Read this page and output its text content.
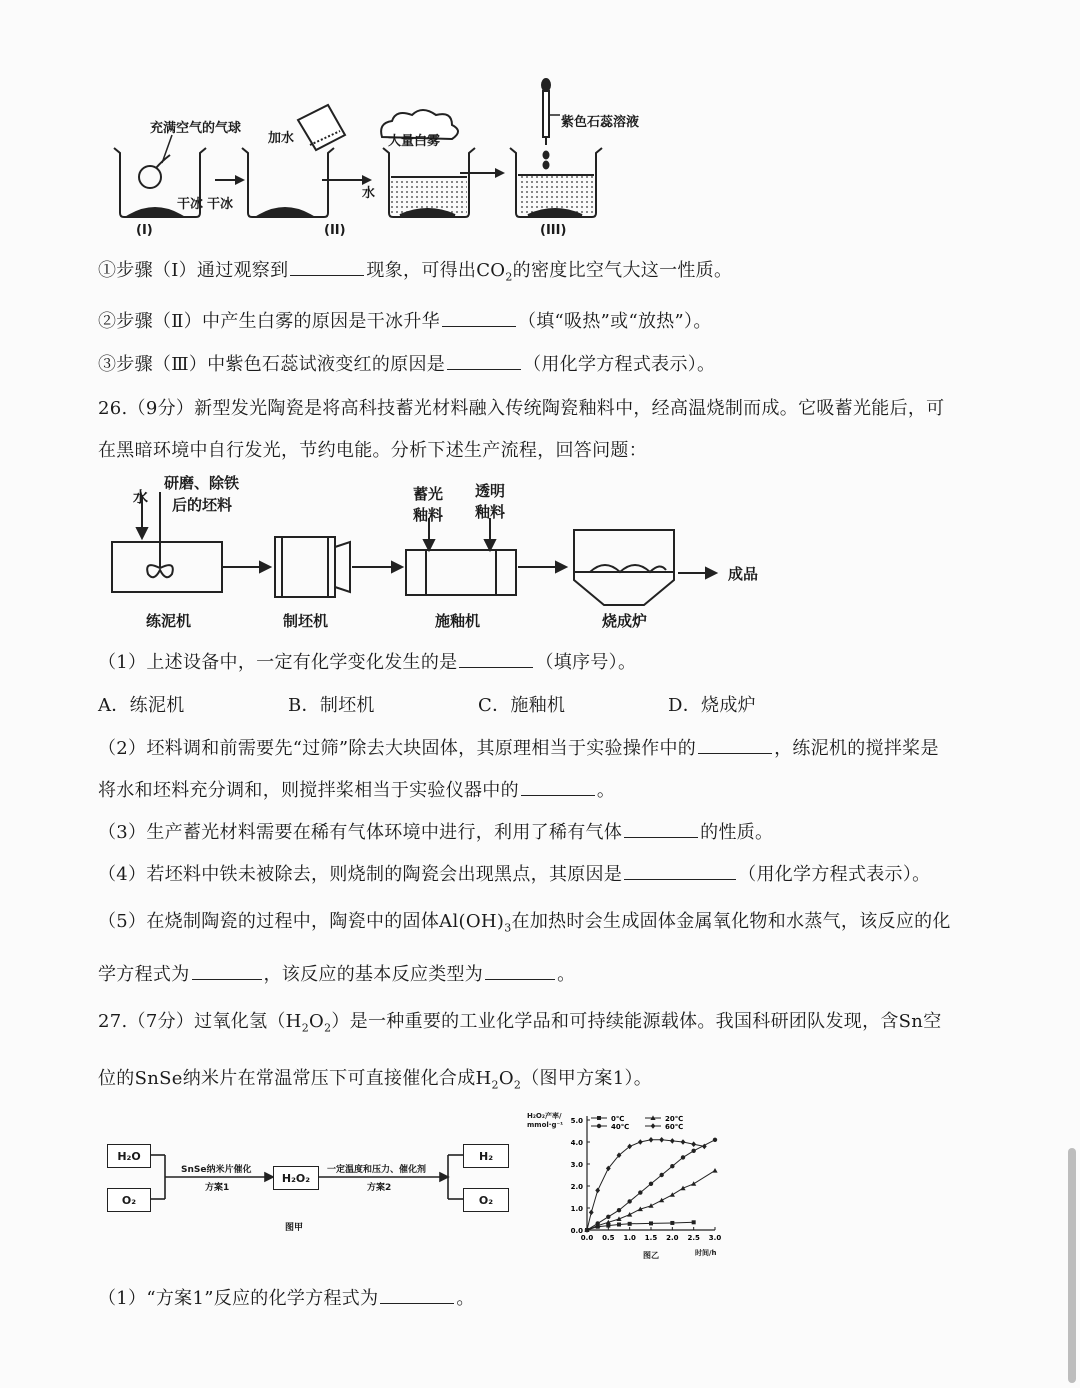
充满空气的气球
加水	大量白雾
紫色石蕊溶液
干冰 干冰
水
(I)	(II)	(III)
①步骤（Ⅰ）通过观察到	现象，可得出$CO_2$的密度比空气大这一性质。
②步骤（Ⅱ）中产生白雾的原因是干冰升华	（填“吸热”或“放热”）。
③步骤（Ⅲ）中紫色石蕊试液变红的原因是	（用化学方程式表示）。
26.（9分）新型发光陶瓷是将高科技蓄光材料融入传统陶瓷釉料中，经高温烧制而成。它吸蓄光能后，可
在黑暗环境中自行发光，节约电能。分析下述生产流程，回答问题：
水
研磨、除铁
后的坯料
蓄光
釉料
透明
釉料
成品
练泥机	制坯机	施釉机	烧成炉
（1）上述设备中，一定有化学变化发生的是	（填序号）。
A．练泥机	B．制坯机	C．施釉机	D．烧成炉
（2）坯料调和前需要先“过筛”除去大块固体，其原理相当于实验操作中的	，练泥机的搅拌桨是
将水和坯料充分调和，则搅拌桨相当于实验仪器中的	。
（3）生产蓄光材料需要在稀有气体环境中进行，利用了稀有气体	的性质。
（4）若坯料中铁未被除去，则烧制的陶瓷会出现黑点，其原因是	（用化学方程式表示）。
（5）在烧制陶瓷的过程中，陶瓷中的固体$Al(OH)_3$在加热时会生成固体金属氧化物和水蒸气，该反应的化
学方程式为	，该反应的基本反应类型为	。
27.（7分）过氧化氢$(H_2O_2)$是一种重要的工业化学品和可持续能源载体。我国科研团队发现，含Sn空
位的SnSe纳米片在常温常压下可直接催化合成$H_2O_2$（图甲方案1）。
H₂O
O₂
H₂O₂
H₂
O₂
SnSe纳米片催化
方案1
一定温度和压力、催化剂
方案2
图甲	0.0
1.0
2.0
3.0
4.0
5.0
0.0 0.5 1.0 1.5 2.0 2.5 3.0
0℃	20℃
40℃	60℃
H₂O₂产率/ mmol·g⁻¹
时间/h
图乙
（1）“方案1”反应的化学方程式为	。
